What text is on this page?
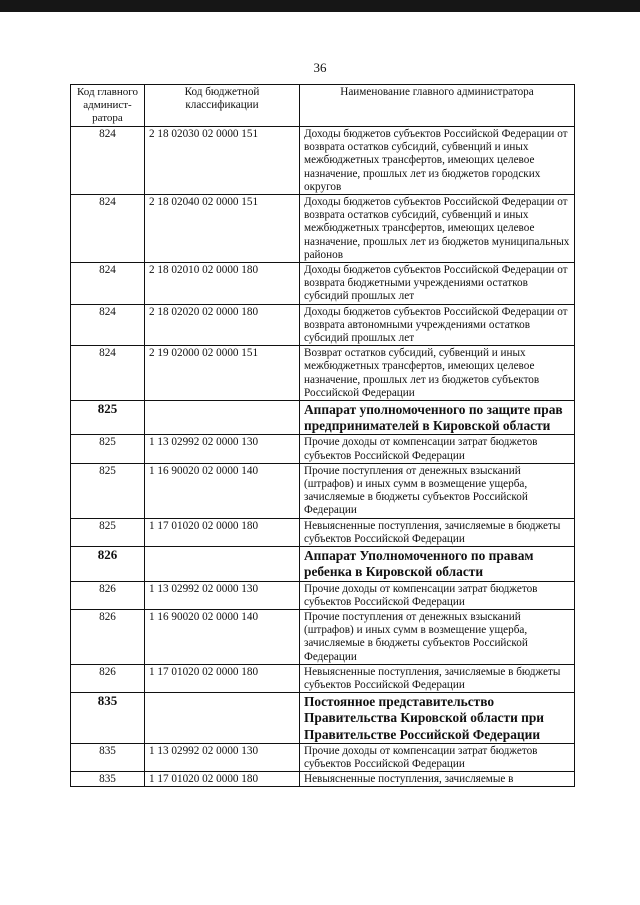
36
Код главного админист-ратора	Код бюджетной классификации	Наименование главного администратора
824	2 18 02030 02 0000 151	Доходы бюджетов субъектов Российской Федерации от возврата остатков субсидий, субвенций и иных межбюджетных трансфертов, имеющих целевое назначение, прошлых лет из бюджетов городских округов
824	2 18 02040 02 0000 151	Доходы бюджетов субъектов Российской Федерации от возврата остатков субсидий, субвенций и иных межбюджетных трансфертов, имеющих целевое назначение, прошлых лет из бюджетов муниципальных районов
824	2 18 02010 02 0000 180	Доходы бюджетов субъектов Российской Федерации от возврата бюджетными учреждениями остатков субсидий прошлых лет
824	2 18 02020 02 0000 180	Доходы бюджетов субъектов Российской Федерации от возврата автономными учреждениями остатков субсидий прошлых лет
824	2 19 02000 02 0000 151	Возврат остатков субсидий, субвенций и иных межбюджетных трансфертов, имеющих целевое назначение, прошлых лет из бюджетов субъектов Российской Федерации
825		Аппарат уполномоченного по защите прав предпринимателей в Кировской области
825	1 13 02992 02 0000 130	Прочие доходы от компенсации затрат бюджетов субъектов Российской Федерации
825	1 16 90020 02 0000 140	Прочие поступления от денежных взысканий (штрафов) и иных сумм в возмещение ущерба, зачисляемые в бюджеты субъектов Российской Федерации
825	1 17 01020 02 0000 180	Невыясненные поступления, зачисляемые в бюджеты субъектов Российской Федерации
826		Аппарат Уполномоченного по правам ребенка в Кировской области
826	1 13 02992 02 0000 130	Прочие доходы от компенсации затрат бюджетов субъектов Российской Федерации
826	1 16 90020 02 0000 140	Прочие поступления от денежных взысканий (штрафов) и иных сумм в возмещение ущерба, зачисляемые в бюджеты субъектов Российской Федерации
826	1 17 01020 02 0000 180	Невыясненные поступления, зачисляемые в бюджеты субъектов Российской Федерации
835		Постоянное представительство Правительства Кировской области при Правительстве Российской Федерации
835	1 13 02992 02 0000 130	Прочие доходы от компенсации затрат бюджетов субъектов Российской Федерации
835	1 17 01020 02 0000 180	Невыясненные поступления, зачисляемые в
